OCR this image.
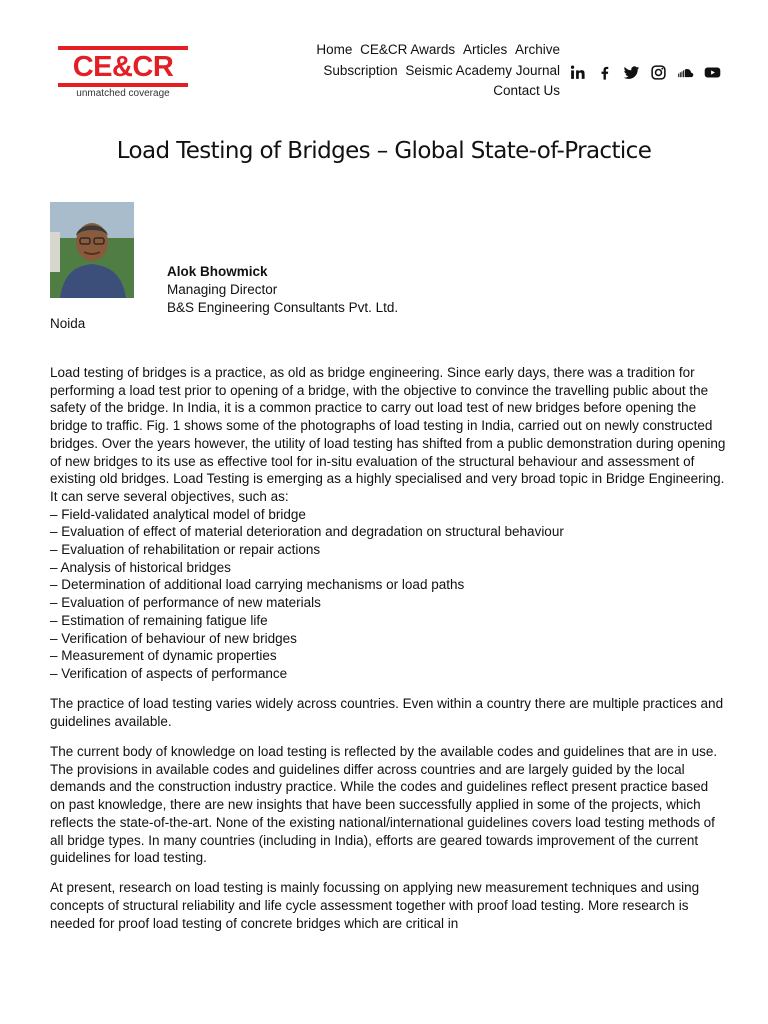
CE&CR
unmatched coverage
Home CE&CR Awards Articles Archive
Subscription Seismic Academy Journal
Contact Us
Load Testing of Bridges – Global State-of-Practice
Alok Bhowmick
Managing Director
B&S Engineering Consultants Pvt. Ltd.
Noida

Load testing of bridges is a practice, as old as bridge engineering. Since early days, there was a tradition for performing a load test prior to opening of a bridge, with the objective to convince the travelling public about the safety of the bridge. In India, it is a common practice to carry out load test of new bridges before opening the bridge to traffic. Fig. 1 shows some of the photographs of load testing in India, carried out on newly constructed bridges. Over the years however, the utility of load testing has shifted from a public demonstration during opening of new bridges to its use as effective tool for in-situ evaluation of the structural behaviour and assessment of existing old bridges. Load Testing is emerging as a highly specialised and very broad topic in Bridge Engineering. It can serve several objectives, such as:

– Field-validated analytical model of bridge
– Evaluation of effect of material deterioration and degradation on structural behaviour
– Evaluation of rehabilitation or repair actions
– Analysis of historical bridges
– Determination of additional load carrying mechanisms or load paths
– Evaluation of performance of new materials
– Estimation of remaining fatigue life
– Verification of behaviour of new bridges
– Measurement of dynamic properties
– Verification of aspects of performance

The practice of load testing varies widely across countries. Even within a country there are multiple practices and guidelines available.

The current body of knowledge on load testing is reflected by the available codes and guidelines that are in use. The provisions in available codes and guidelines differ across countries and are largely guided by the local demands and the construction industry practice. While the codes and guidelines reflect present practice based on past knowledge, there are new insights that have been successfully applied in some of the projects, which reflects the state-of-the-art. None of the existing national/international guidelines covers load testing methods of all bridge types. In many countries (including in India), efforts are geared towards improvement of the current guidelines for load testing.

At present, research on load testing is mainly focussing on applying new measurement techniques and using concepts of structural reliability and life cycle assessment together with proof load testing. More research is needed for proof load testing of concrete bridges which are critical in
